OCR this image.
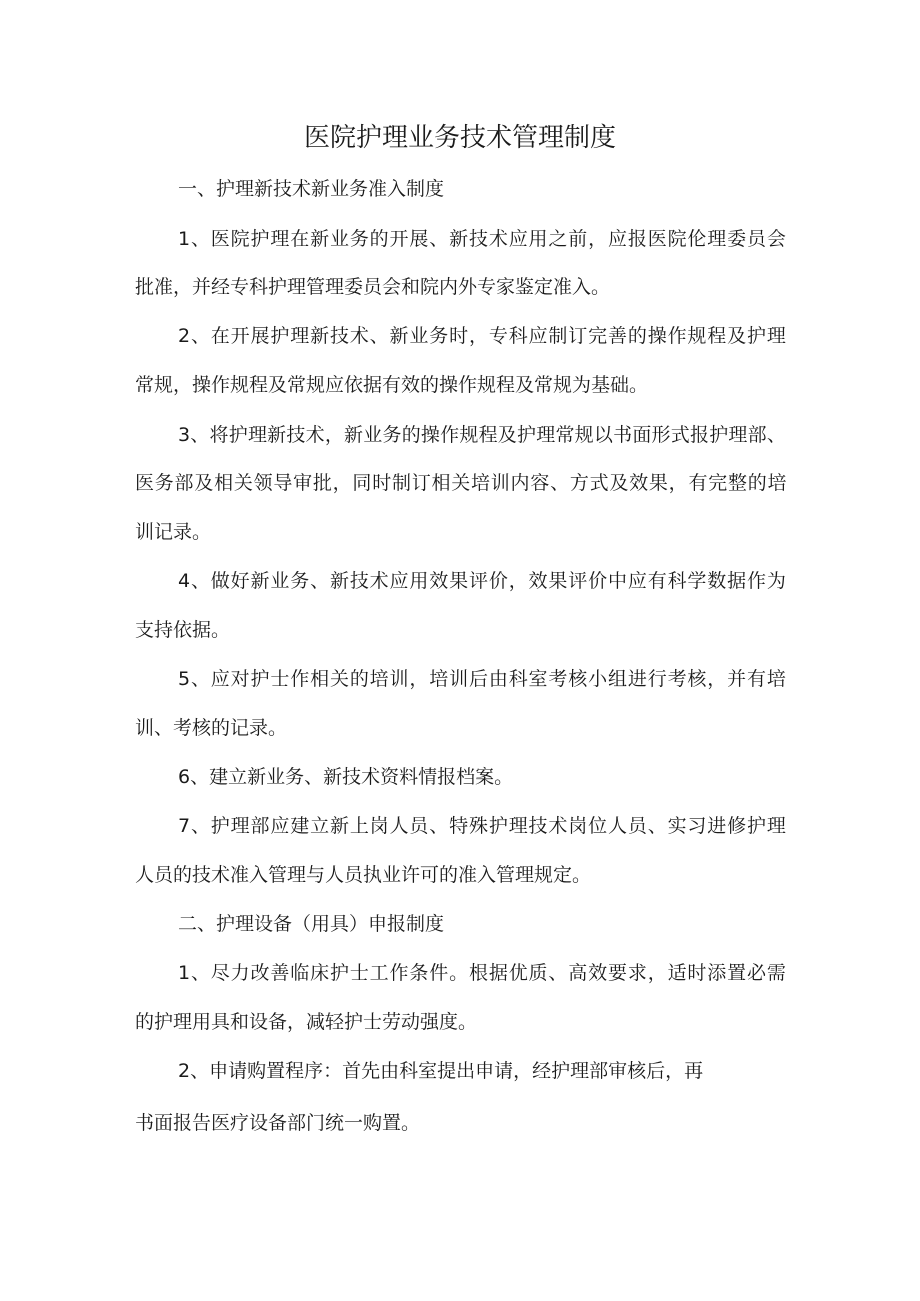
医院护理业务技术管理制度

一、护理新技术新业务准入制度

1 、 医 院 护 理 在 新 业 务 的 开 展 、 新 技 术 应 用 之 前 ， 应 报 医 院 伦 理 委 员 会

批准，并经专科护理管理委员会和院内外专家鉴定准入。

2 、 在 开 展 护 理 新 技 术 、 新 业 务 时 ， 专 科 应 制 订 完 善 的 操 作 规 程 及 护 理

常规，操作规程及常规应依据有效的操作规程及常规为基础。

3 、 将 护 理 新 技 术 ， 新 业 务 的 操 作 规 程 及 护 理 常 规 以 书 面 形 式 报 护 理 部 、

医 务 部 及 相 关 领 导 审 批 ， 同 时 制 订 相 关 培 训 内 容 、 方 式 及 效 果 ， 有 完 整 的 培

训记录。

4 、 做 好 新 业 务 、 新 技 术 应 用 效 果 评 价 ， 效 果 评 价 中 应 有 科 学 数 据 作 为

支持依据。

5 、 应 对 护 士 作 相 关 的 培 训 ， 培 训 后 由 科 室 考 核 小 组 进 行 考 核 ， 并 有 培

训、考核的记录。

6、建立新业务、新技术资料情报档案。

7 、 护 理 部 应 建 立 新 上 岗 人 员 、 特 殊 护 理 技 术 岗 位 人 员 、 实 习 进 修 护 理

人员的技术准入管理与人员执业许可的准入管理规定。

二、护理设备（用具）申报制度

1 、 尽 力 改 善 临 床 护 士 工 作 条 件 。 根 据 优 质 、 高 效 要 求 ， 适 时 添 置 必 需

的护理用具和设备，减轻护士劳动强度。

2、申请购置程序：首先由科室提出申请，经护理部审核后，再

书面报告医疗设备部门统一购置。
